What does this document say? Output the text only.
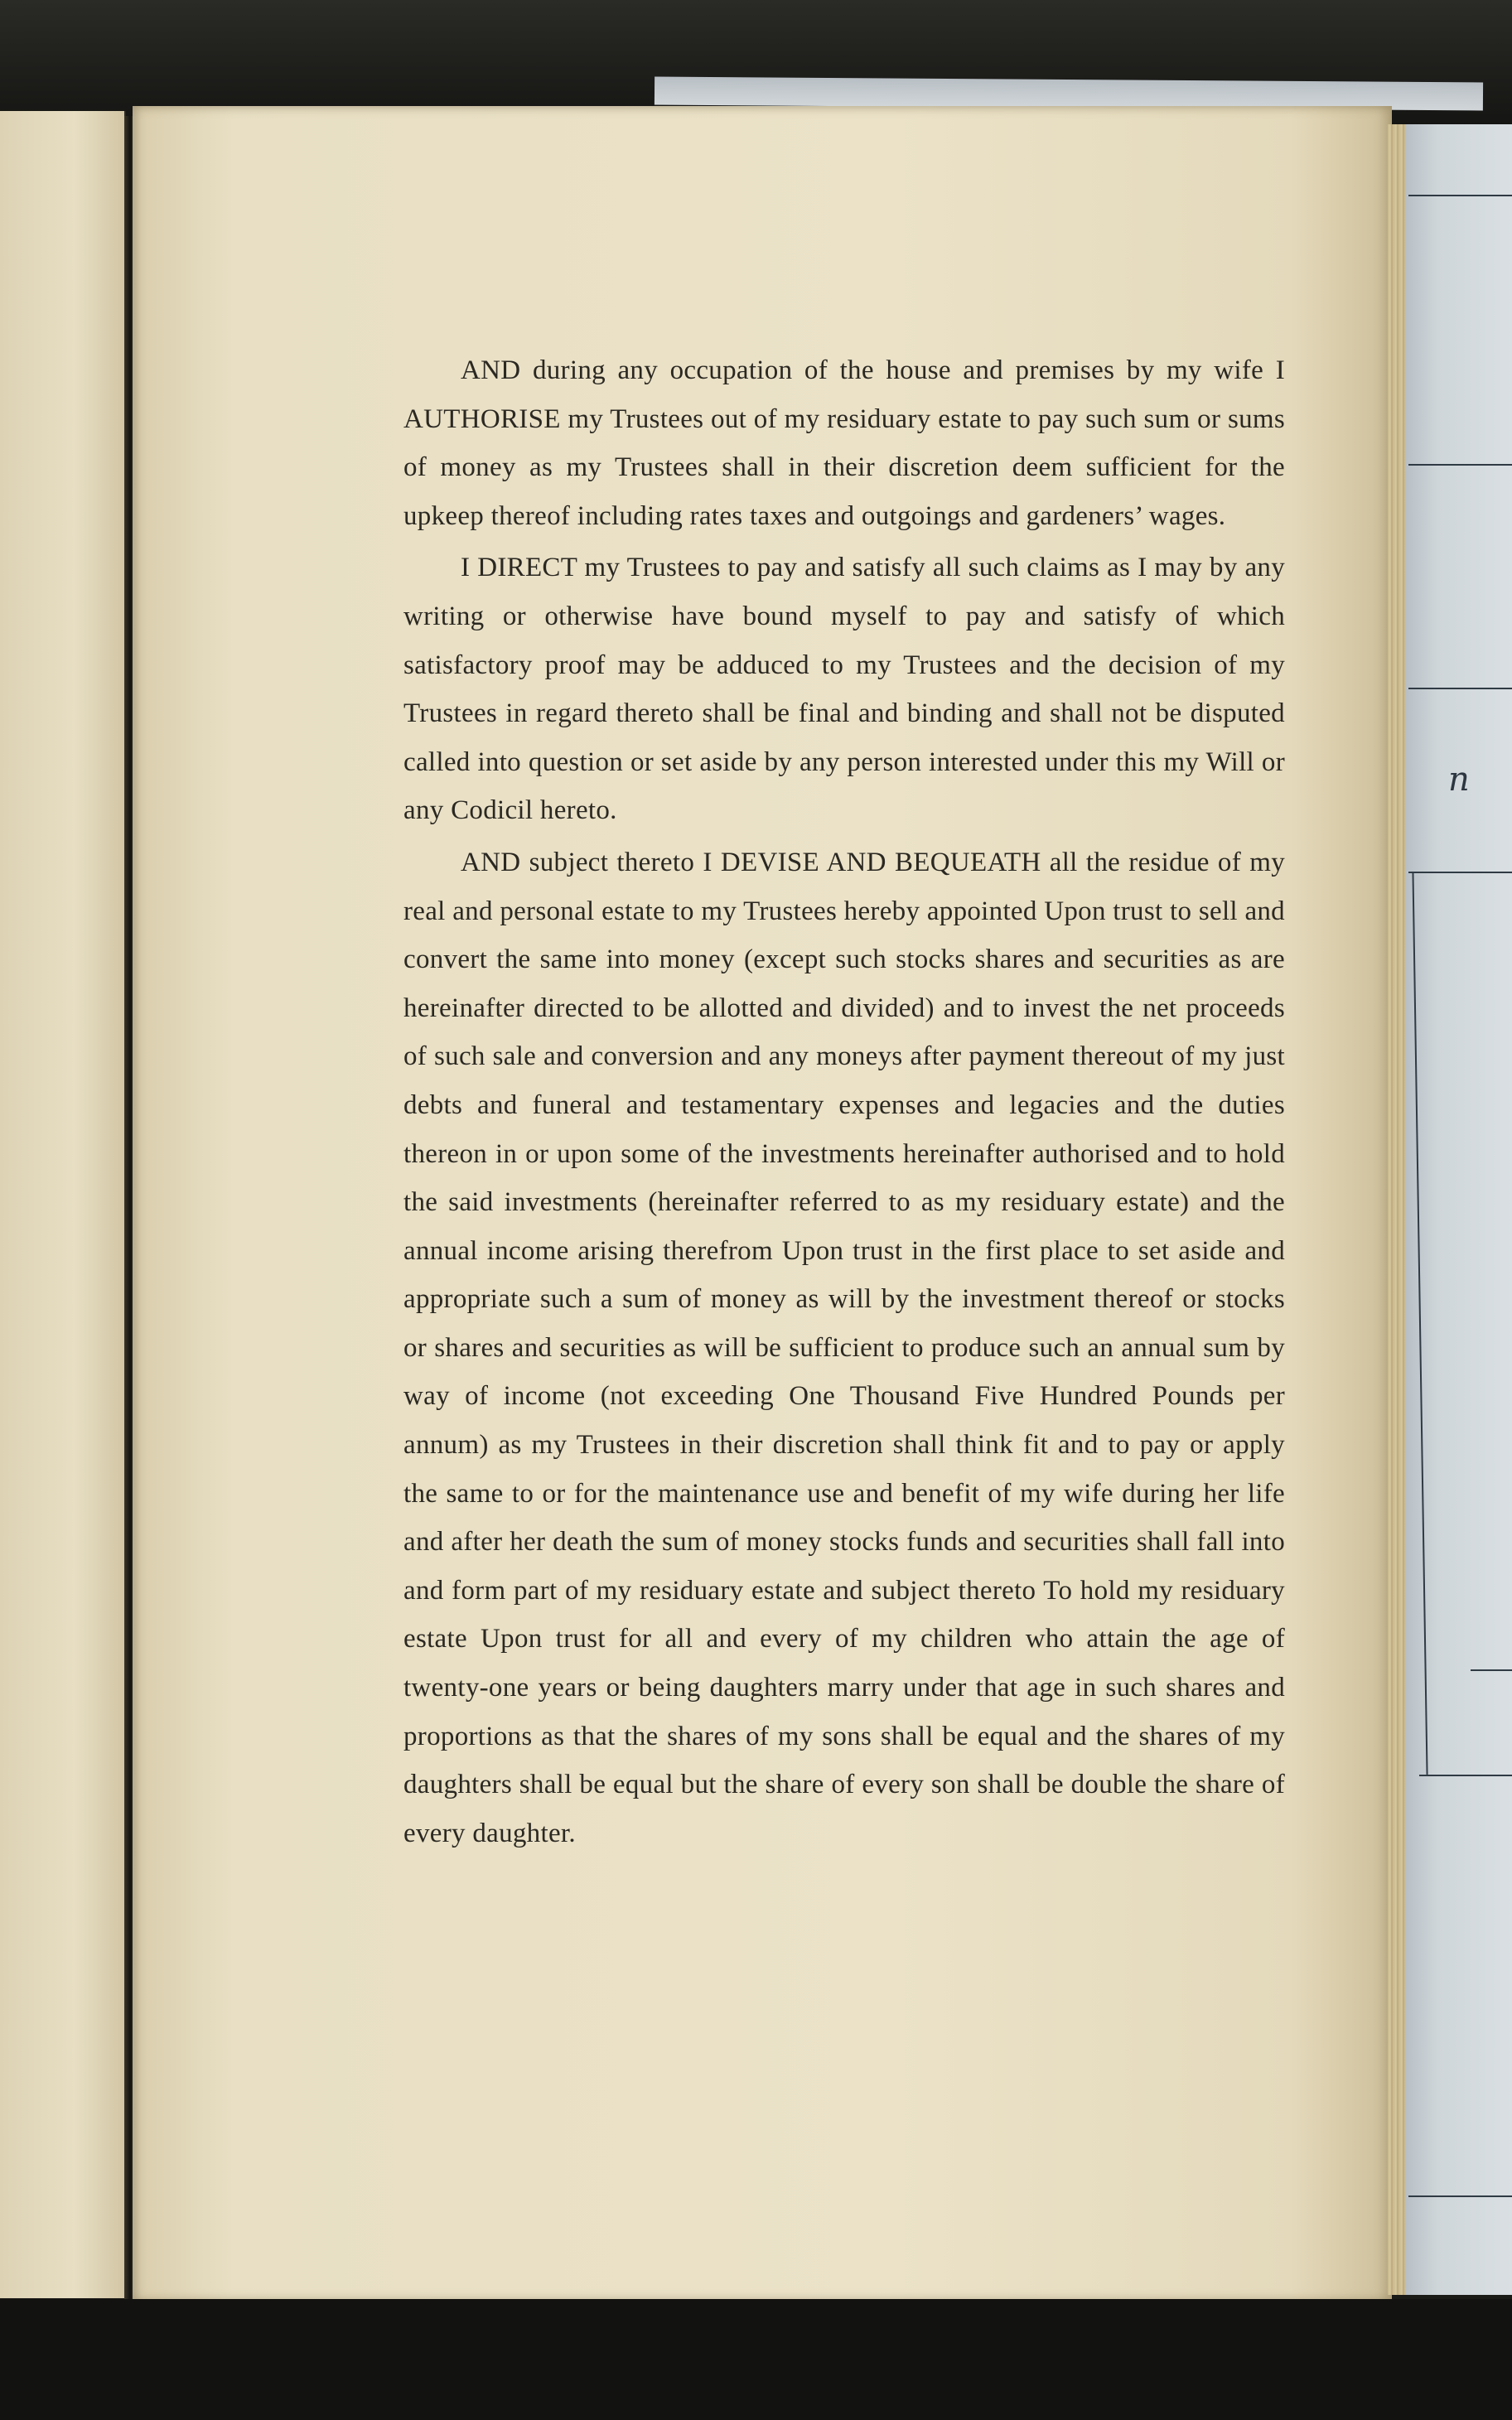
n

AND during any occupation of the house and premises by my wife I AUTHORISE my Trustees out of my residuary estate to pay such sum or sums of money as my Trustees shall in their discretion deem sufficient for the upkeep thereof including rates taxes and outgoings and gardeners’ wages.

I DIRECT my Trustees to pay and satisfy all such claims as I may by any writing or otherwise have bound myself to pay and satisfy of which satisfactory proof may be adduced to my Trustees and the decision of my Trustees in regard thereto shall be final and binding and shall not be disputed called into question or set aside by any person interested under this my Will or any Codicil hereto.

AND subject thereto I DEVISE AND BEQUEATH all the residue of my real and personal estate to my Trustees hereby appointed Upon trust to sell and convert the same into money (except such stocks shares and securities as are hereinafter directed to be allotted and divided) and to invest the net proceeds of such sale and conversion and any moneys after payment thereout of my just debts and funeral and testamentary expenses and legacies and the duties thereon in or upon some of the investments hereinafter authorised and to hold the said investments (hereinafter referred to as my residuary estate) and the annual income arising therefrom Upon trust in the first place to set aside and appropriate such a sum of money as will by the investment thereof or stocks or shares and securities as will be sufficient to produce such an annual sum by way of income (not exceeding One Thousand Five Hundred Pounds per annum) as my Trustees in their discretion shall think fit and to pay or apply the same to or for the maintenance use and benefit of my wife during her life and after her death the sum of money stocks funds and securities shall fall into and form part of my residuary estate and subject thereto To hold my residuary estate Upon trust for all and every of my children who attain the age of twenty-one years or being daughters marry under that age in such shares and proportions as that the shares of my sons shall be equal and the shares of my daughters shall be equal but the share of every son shall be double the share of every daughter.
